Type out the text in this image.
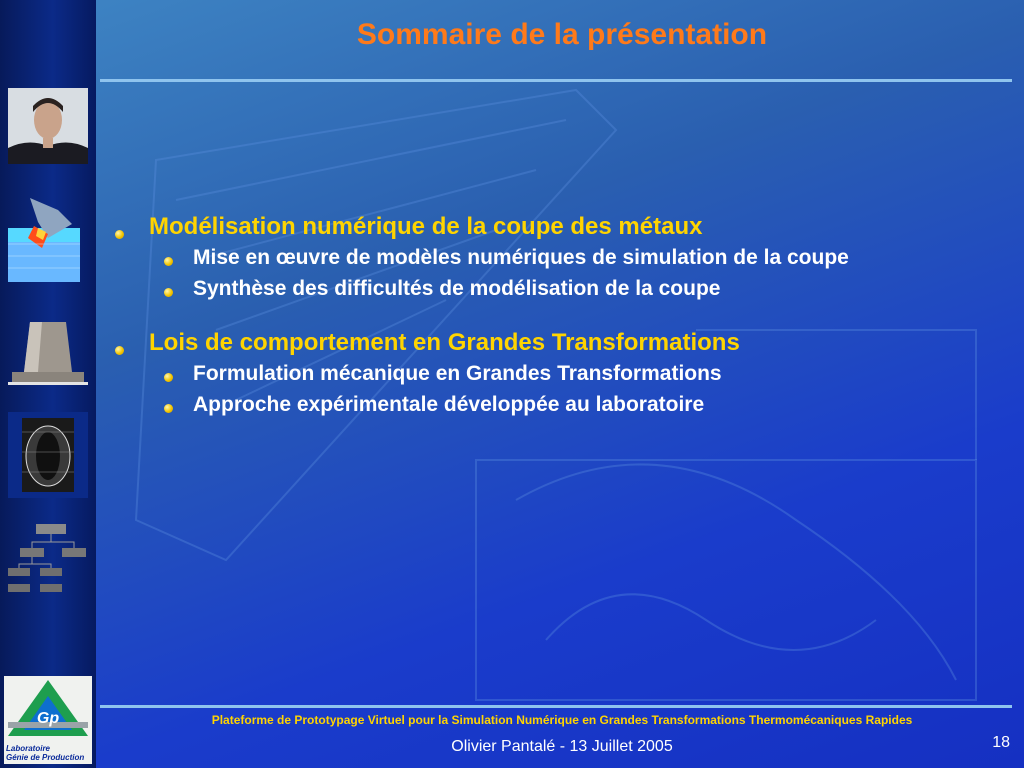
Gp
Laboratoire
Génie de Production
Sommaire de la présentation
Modélisation numérique de la coupe des métaux
Mise en œuvre de modèles numériques de simulation de la coupe
Synthèse des difficultés de modélisation de la coupe
Lois de comportement en Grandes Transformations
Formulation mécanique en Grandes Transformations
Approche expérimentale développée au laboratoire
Plateforme de Prototypage Virtuel pour la Simulation Numérique en Grandes Transformations Thermomécaniques Rapides
Olivier Pantalé - 13 Juillet 2005	18
